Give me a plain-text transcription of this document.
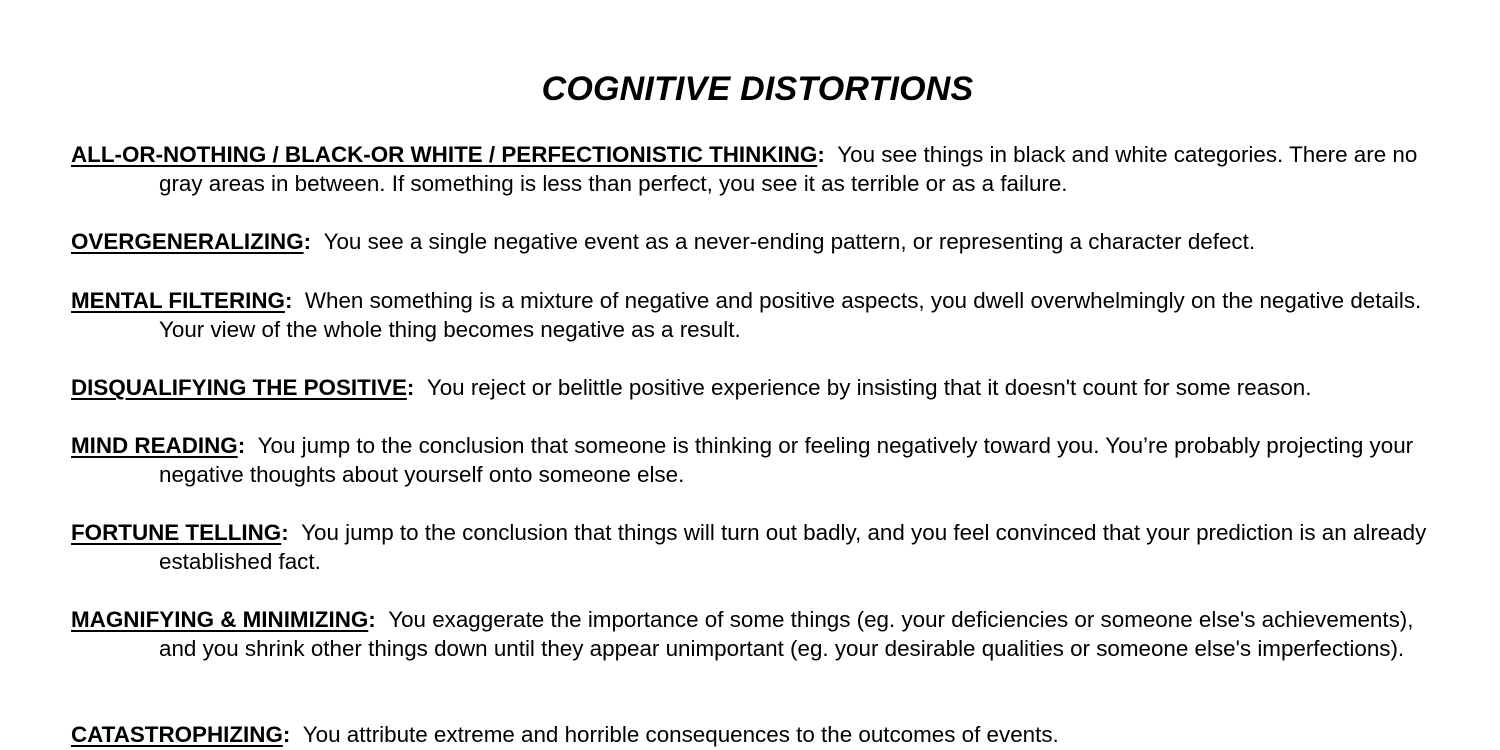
COGNITIVE DISTORTIONS
ALL-OR-NOTHING / BLACK-OR WHITE / PERFECTIONISTIC THINKING: You see things in black and white categories. There are no gray areas in between. If something is less than perfect, you see it as terrible or as a failure.
OVERGENERALIZING: You see a single negative event as a never-ending pattern, or representing a character defect.
MENTAL FILTERING: When something is a mixture of negative and positive aspects, you dwell overwhelmingly on the negative details. Your view of the whole thing becomes negative as a result.
DISQUALIFYING THE POSITIVE: You reject or belittle positive experience by insisting that it doesn't count for some reason.
MIND READING: You jump to the conclusion that someone is thinking or feeling negatively toward you. You’re probably projecting your negative thoughts about yourself onto someone else.
FORTUNE TELLING: You jump to the conclusion that things will turn out badly, and you feel convinced that your prediction is an already established fact.
MAGNIFYING & MINIMIZING: You exaggerate the importance of some things (eg. your deficiencies or someone else's achievements), and you shrink other things down until they appear unimportant (eg. your desirable qualities or someone else's imperfections).
CATASTROPHIZING: You attribute extreme and horrible consequences to the outcomes of events.
